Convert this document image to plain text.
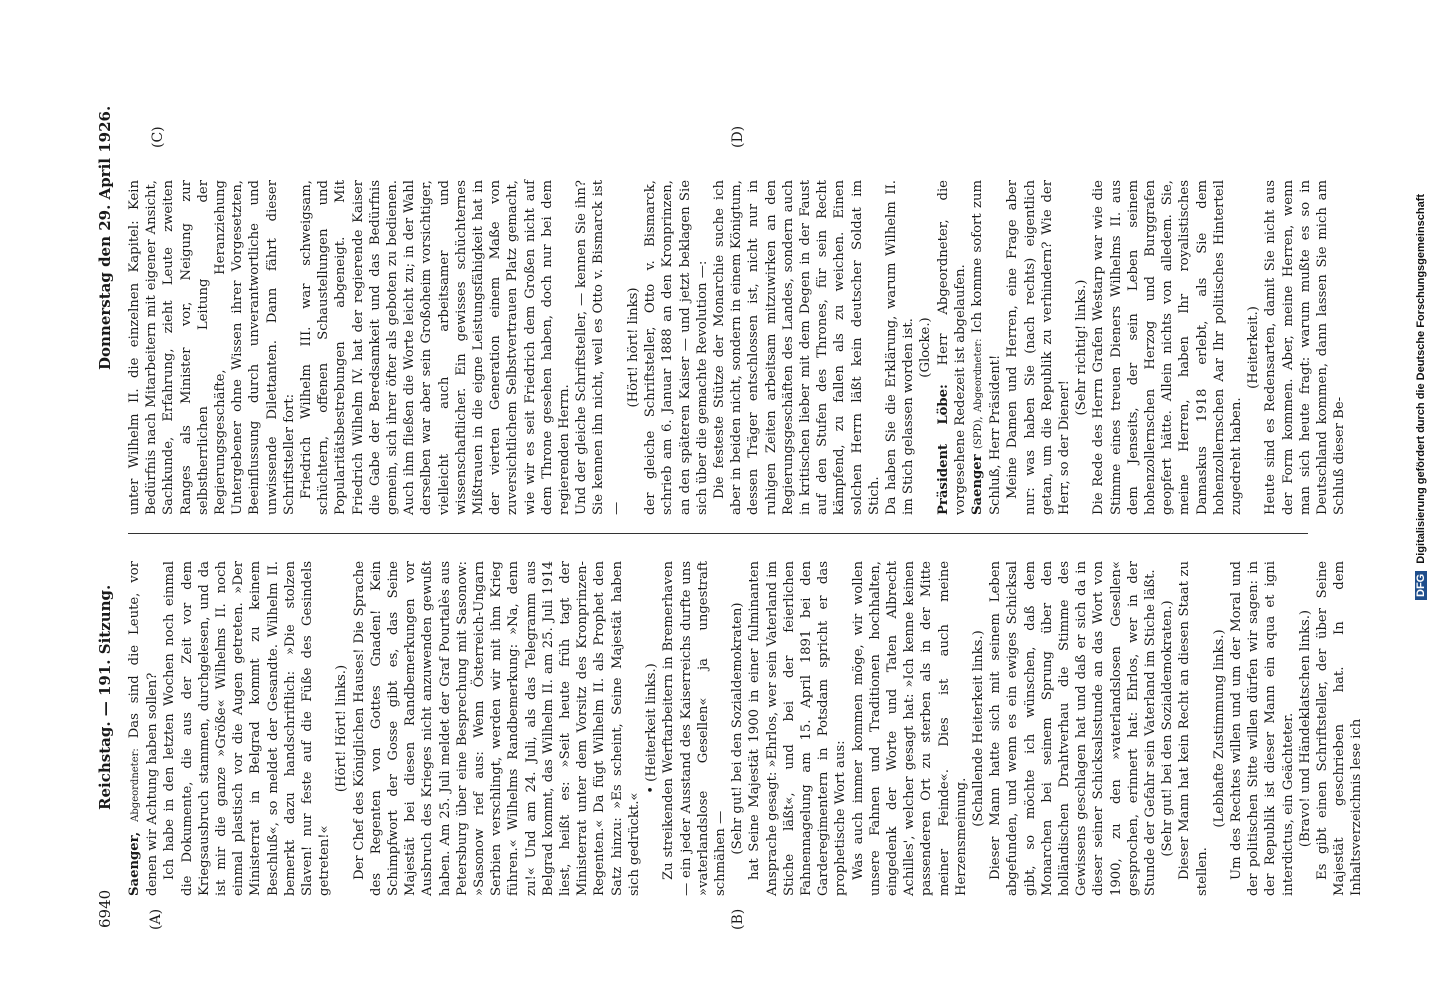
6940
Reichstag. — 191. Sitzung.
Donnerstag den 29. April 1926.
(A)	(B)
(C)	(D)

Saenger, Abgeordneter: Das sind die Leute, vor denen wir Achtung haben sollen? Ich habe in den letzten Wochen noch einmal die Dokumente, die aus der Zeit vor dem Kriegsausbruch stammen, durchgelesen, und da ist mir die ganze »Größe« Wilhelms II. noch einmal plastisch vor die Augen getreten. »Der Ministerrat in Belgrad kommt zu keinem Beschluß«, so meldet der Gesandte. Wilhelm II. bemerkt dazu handschriftlich: »Die stolzen Slaven! nur feste auf die Füße des Gesindels getreten!«

(Hört! Hört! links.) Der Chef des Königlichen Hauses! Die Sprache des Regenten von Gottes Gnaden! Kein Schimpfwort der Gosse gibt es, das Seine Majestät bei diesen Randbemerkungen vor Ausbruch des Krieges nicht anzuwenden gewußt haben. Am 25. Juli meldet der Graf Pourtalès aus Petersburg über eine Besprechung mit Sasonow: »Sasonow rief aus: Wenn Österreich-Ungarn Serbien verschlingt, werden wir mit ihm Krieg führen.« Wilhelms Randbemerkung: »Na, denn zu!« Und am 24. Juli, als das Telegramm aus Belgrad kommt, das Wilhelm II. am 25. Juli 1914 liest, heißt es: »Seit heute früh tagt der Ministerrat unter dem Vorsitz des Kronprinzen-Regenten.« Da fügt Wilhelm II. als Prophet den Satz hinzu: »Es scheint, Seine Majestät haben sich gedrückt.«

• (Heiterkeit links.) Zu streikenden Werftarbeitern in Bremerhaven — ein jeder Ausstand des Kaiserreichs durfte uns »vaterlandslose Gesellen« ja ungestraft schmähen — (Sehr gut! bei den Sozialdemokraten) hat Seine Majestät 1900 in einer fulminanten Ansprache gesagt: »Ehrlos, wer sein Vaterland im Stiche läßt«, und bei der feierlichen Fahnennagelung am 15. April 1891 bei den Garderegimentern in Potsdam spricht er das prophetische Wort aus: Was auch immer kommen möge, wir wollen unsere Fahnen und Traditionen hochhalten, eingedenk der Worte und Taten Albrecht Achilles', welcher gesagt hat: »Ich kenne keinen passenderen Ort zu sterben als in der Mitte meiner Feinde«. Dies ist auch meine Herzensmeinung.

(Schallende Heiterkeit links.) Dieser Mann hatte sich mit seinem Leben abgefunden, und wenn es ein ewiges Schicksal gibt, so möchte ich wünschen, daß dem Monarchen bei seinem Sprung über den holländischen Drahtverhau die Stimme des Gewissens geschlagen hat und daß er sich da in dieser seiner Schicksalsstunde an das Wort von 1900, zu den »vaterlandslosen Gesellen« gesprochen, erinnert hat: Ehrlos, wer in der Stunde der Gefahr sein Vaterland im Stiche läßt. (Sehr gut! bei den Sozialdemokraten.) Dieser Mann hat kein Recht an diesen Staat zu stellen.

(Lebhafte Zustimmung links.) Um des Rechtes willen und um der Moral und der politischen Sitte willen dürfen wir sagen: in der Republik ist dieser Mann ein aqua et igni interdictus, ein Geächteter. (Bravo! und Händeklatschen links.) Es gibt einen Schriftsteller, der über Seine Majestät geschrieben hat. In dem Inhaltsverzeichnis lese ich

unter Wilhelm II. die einzelnen Kapitel: Kein Bedürfnis nach Mitarbeitern mit eigener Ansicht, Sachkunde, Erfahrung, zieht Leute zweiten Ranges als Minister vor, Neigung zur selbstherrlichen Leitung der Regierungsgeschäfte, Heranziehung Untergebener ohne Wissen ihrer Vorgesetzten, Beeinflussung durch unverantwortliche und unwissende Dilettanten. Dann fährt dieser Schriftsteller fort: Friedrich Wilhelm III. war schweigsam, schüchtern, offenen Schaustellungen und Popularitätsbestrebungen abgeneigt. Mit Friedrich Wilhelm IV. hat der regierende Kaiser die Gabe der Beredsamkeit und das Bedürfnis gemein, sich ihrer öfter als geboten zu bedienen. Auch ihm fließen die Worte leicht zu; in der Wahl derselben war aber sein Großoheim vorsichtiger, vielleicht auch arbeitsamer und wissenschaftlicher. Ein gewisses schüchternes Mißtrauen in die eigne Leistungsfähigkeit hat in der vierten Generation einem Maße von zuversichtlichem Selbstvertrauen Platz gemacht, wie wir es seit Friedrich dem Großen nicht auf dem Throne gesehen haben, doch nur bei dem regierenden Herrn. Und der gleiche Schriftsteller, — kennen Sie ihn? Sie kennen ihn nicht, weil es Otto v. Bismarck ist —

(Hört! hört! links) der gleiche Schriftsteller, Otto v. Bismarck, schrieb am 6. Januar 1888 an den Kronprinzen, an den späteren Kaiser — und jetzt beklagen Sie sich über die gemachte Revolution —: Die festeste Stütze der Monarchie suche ich aber in beiden nicht, sondern in einem Königtum, dessen Träger entschlossen ist, nicht nur in ruhigen Zeiten arbeitsam mitzuwirken an den Regierungsgeschäften des Landes, sondern auch in kritischen lieber mit dem Degen in der Faust auf den Stufen des Thrones, für sein Recht kämpfend, zu fallen als zu weichen. Einen solchen Herrn läßt kein deutscher Soldat im Stich. Da haben Sie die Erklärung, warum Wilhelm II. im Stich gelassen worden ist. (Glocke.)

Präsident Löbe: Herr Abgeordneter, die vorgesehene Redezeit ist abgelaufen. Saenger (SPD), Abgeordneter: Ich komme sofort zum Schluß, Herr Präsident! Meine Damen und Herren, eine Frage aber nur: was haben Sie (nach rechts) eigentlich getan, um die Republik zu verhindern? Wie der Herr, so der Diener!

(Sehr richtig! links.) Die Rede des Herrn Grafen Westarp war wie die Stimme eines treuen Dieners Wilhelms II. aus dem Jenseits, der sein Leben seinem hohenzollernschen Herzog und Burggrafen geopfert hätte. Allein nichts von alledem. Sie, meine Herren, haben Ihr royalistisches Damaskus 1918 erlebt, als Sie dem hohenzollernschen Aar Ihr politisches Hinterteil zugedreht haben.

(Heiterkeit.) Heute sind es Redensarten, damit Sie nicht aus der Form kommen. Aber, meine Herren, wenn man sich heute fragt: warum mußte es so in Deutschland kommen, dann lassen Sie mich am Schluß dieser Be-

DFG Digitalisierung gefördert durch die Deutsche Forschungsgemeinschaft
